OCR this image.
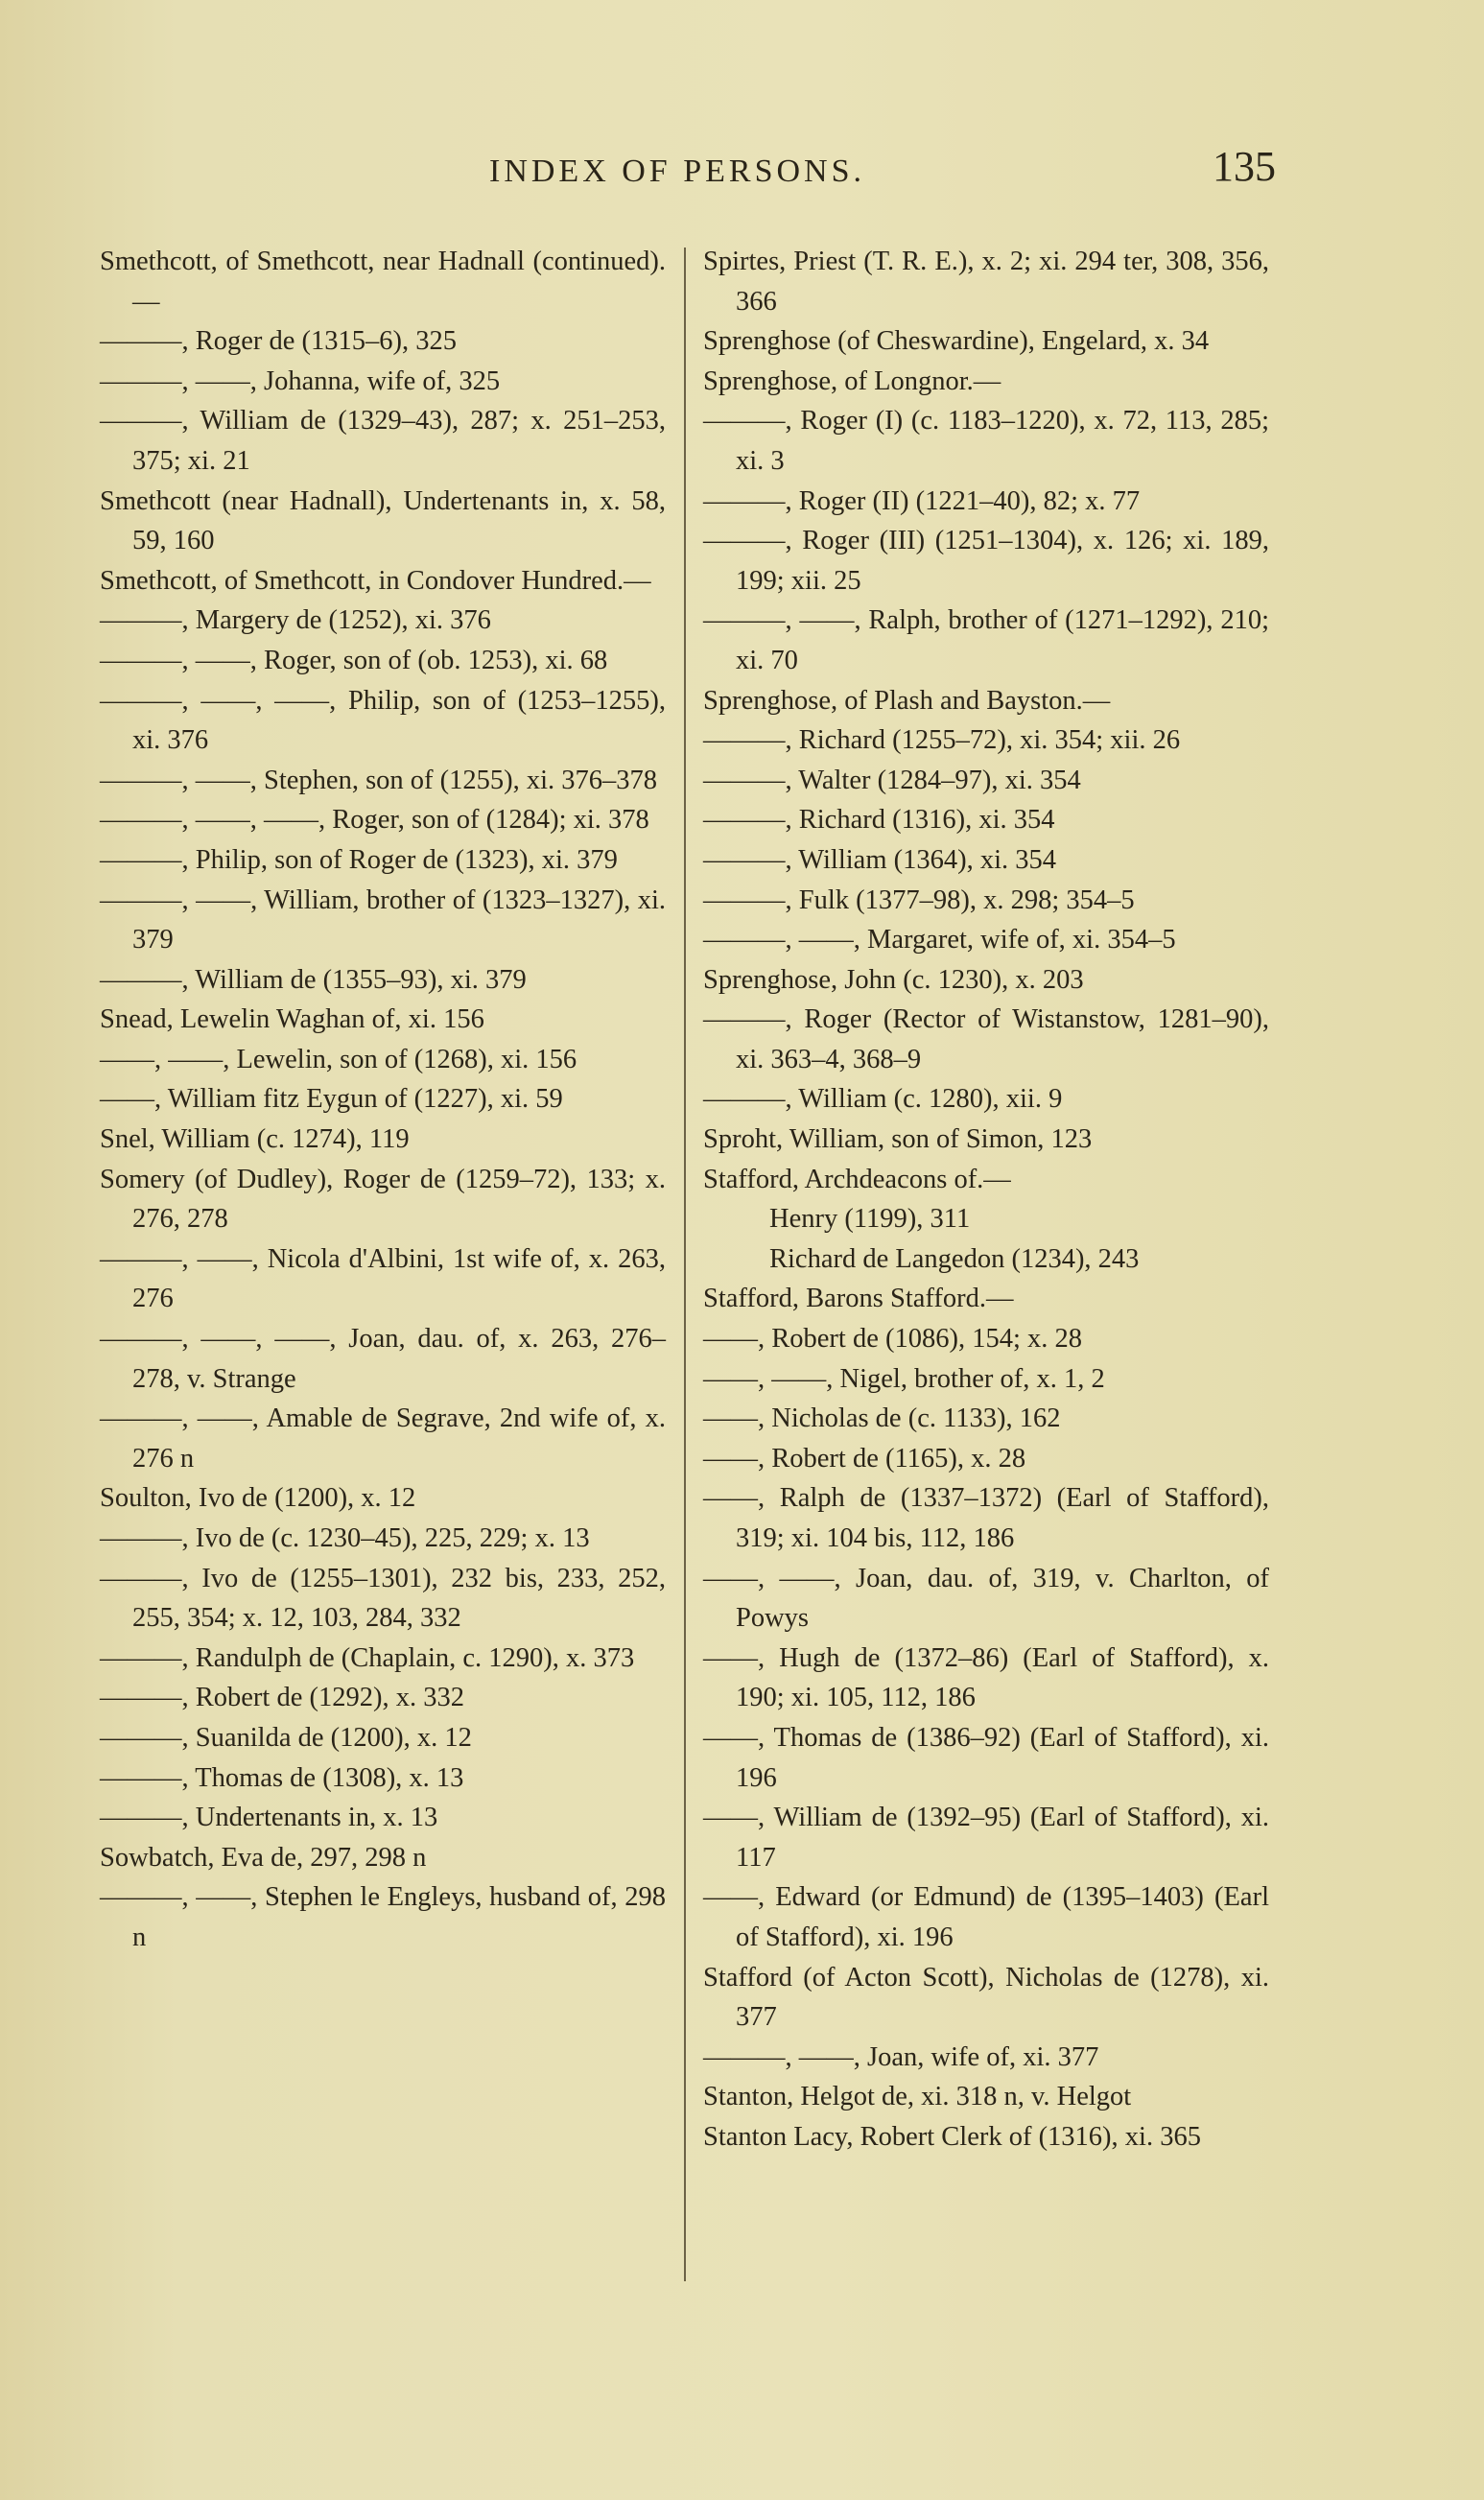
INDEX OF PERSONS.	135
Smethcott, of Smethcott, near Hadnall (continued).—
———, Roger de (1315–6), 325
———, ——, Johanna, wife of, 325
———, William de (1329–43), 287; x. 251–253, 375; xi. 21
Smethcott (near Hadnall), Undertenants in, x. 58, 59, 160
Smethcott, of Smethcott, in Condover Hundred.—
———, Margery de (1252), xi. 376
———, ——, Roger, son of (ob. 1253), xi. 68
———, ——, ——, Philip, son of (1253–1255), xi. 376
———, ——, Stephen, son of (1255), xi. 376–378
———, ——, ——, Roger, son of (1284); xi. 378
———, Philip, son of Roger de (1323), xi. 379
———, ——, William, brother of (1323–1327), xi. 379
———, William de (1355–93), xi. 379
Snead, Lewelin Waghan of, xi. 156
——, ——, Lewelin, son of (1268), xi. 156
——, William fitz Eygun of (1227), xi. 59
Snel, William (c. 1274), 119
Somery (of Dudley), Roger de (1259–72), 133; x. 276, 278
———, ——, Nicola d'Albini, 1st wife of, x. 263, 276
———, ——, ——, Joan, dau. of, x. 263, 276–278, v. Strange
———, ——, Amable de Segrave, 2nd wife of, x. 276 n
Soulton, Ivo de (1200), x. 12
———, Ivo de (c. 1230–45), 225, 229; x. 13
———, Ivo de (1255–1301), 232 bis, 233, 252, 255, 354; x. 12, 103, 284, 332
———, Randulph de (Chaplain, c. 1290), x. 373
———, Robert de (1292), x. 332
———, Suanilda de (1200), x. 12
———, Thomas de (1308), x. 13
———, Undertenants in, x. 13
Sowbatch, Eva de, 297, 298 n
———, ——, Stephen le Engleys, husband of, 298 n
Spirtes, Priest (T. R. E.), x. 2; xi. 294 ter, 308, 356, 366
Sprenghose (of Cheswardine), Engelard, x. 34
Sprenghose, of Longnor.—
———, Roger (I) (c. 1183–1220), x. 72, 113, 285; xi. 3
———, Roger (II) (1221–40), 82; x. 77
———, Roger (III) (1251–1304), x. 126; xi. 189, 199; xii. 25
———, ——, Ralph, brother of (1271–1292), 210; xi. 70
Sprenghose, of Plash and Bayston.—
———, Richard (1255–72), xi. 354; xii. 26
———, Walter (1284–97), xi. 354
———, Richard (1316), xi. 354
———, William (1364), xi. 354
———, Fulk (1377–98), x. 298; 354–5
———, ——, Margaret, wife of, xi. 354–5
Sprenghose, John (c. 1230), x. 203
———, Roger (Rector of Wistanstow, 1281–90), xi. 363–4, 368–9
———, William (c. 1280), xii. 9
Sproht, William, son of Simon, 123
Stafford, Archdeacons of.—
Henry (1199), 311
Richard de Langedon (1234), 243
Stafford, Barons Stafford.—
——, Robert de (1086), 154; x. 28
——, ——, Nigel, brother of, x. 1, 2
——, Nicholas de (c. 1133), 162
——, Robert de (1165), x. 28
——, Ralph de (1337–1372) (Earl of Stafford), 319; xi. 104 bis, 112, 186
——, ——, Joan, dau. of, 319, v. Charlton, of Powys
——, Hugh de (1372–86) (Earl of Stafford), x. 190; xi. 105, 112, 186
——, Thomas de (1386–92) (Earl of Stafford), xi. 196
——, William de (1392–95) (Earl of Stafford), xi. 117
——, Edward (or Edmund) de (1395–1403) (Earl of Stafford), xi. 196
Stafford (of Acton Scott), Nicholas de (1278), xi. 377
———, ——, Joan, wife of, xi. 377
Stanton, Helgot de, xi. 318 n, v. Helgot
Stanton Lacy, Robert Clerk of (1316), xi. 365
